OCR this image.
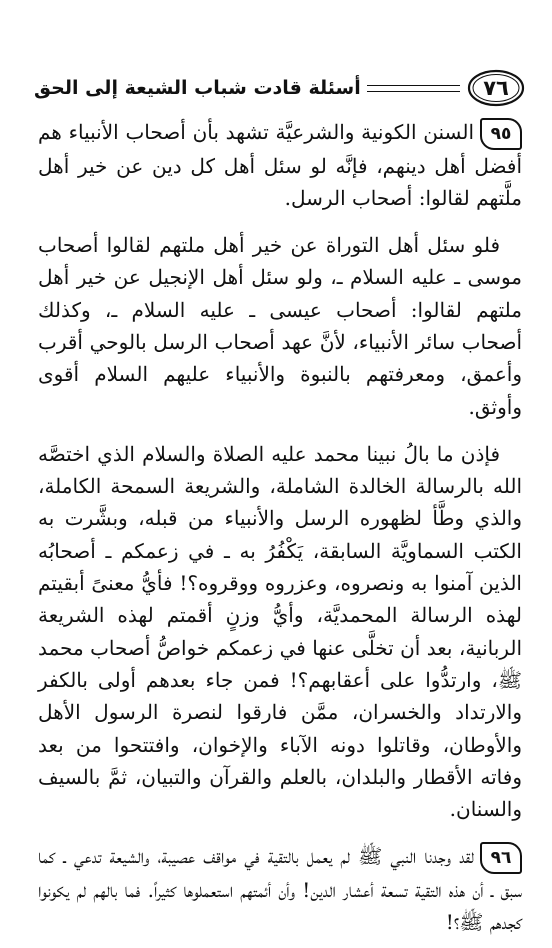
٧٦
أسئلة قادت شباب الشيعة إلى الحق

٩٥السنن الكونية والشرعيَّة تشهد بأن أصحاب الأنبياء هم أفضل أهل دينهم، فإنَّه لو سئل أهل كل دين عن خير أهل ملَّتهم لقالوا: أصحاب الرسل.

فلو سئل أهل التوراة عن خير أهل ملتهم لقالوا أصحاب موسى ـ عليه السلام ـ، ولو سئل أهل الإنجيل عن خير أهل ملتهم لقالوا: أصحاب عيسى ـ عليه السلام ـ، وكذلك أصحاب سائر الأنبياء، لأنَّ عهد أصحاب الرسل بالوحي أقرب وأعمق، ومعرفتهم بالنبوة والأنبياء عليهم السلام أقوى وأوثق.

فإذن ما بالُ نبينا محمد عليه الصلاة والسلام الذي اختصَّه الله بالرسالة الخالدة الشاملة، والشريعة السمحة الكاملة، والذي وطَّأ لظهوره الرسل والأنبياء من قبله، وبشَّرت به الكتب السماويَّة السابقة، يَكْفُرُ به ـ في زعمكم ـ أصحابُه الذين آمنوا به ونصروه، وعزروه ووقروه؟! فأيُّ معنىً أبقيتم لهذه الرسالة المحمديَّة، وأيُّ وزنٍ أقمتم لهذه الشريعة الربانية، بعد أن تخلَّى عنها في زعمكم خواصُّ أصحاب محمد ﷺ، وارتدُّوا على أعقابهم؟! فمن جاء بعدهم أولى بالكفر والارتداد والخسران، ممَّن فارقوا لنصرة الرسول الأهل والأوطان، وقاتلوا دونه الآباء والإخوان، وافتتحوا من بعد وفاته الأقطار والبلدان، بالعلم والقرآن والتبيان، ثمَّ بالسيف والسنان.

٩٦لقد وجدنا النبي ﷺ لم يعمل بالتقية في مواقف عصيبة، والشيعة تدعي ـ كما سبق ـ أن هذه التقية تسعة أعشار الدين! وأن أئمتهم استعملوها كثيراً. فما بالهم لم يكونوا كجدهم ﷺ؟!
